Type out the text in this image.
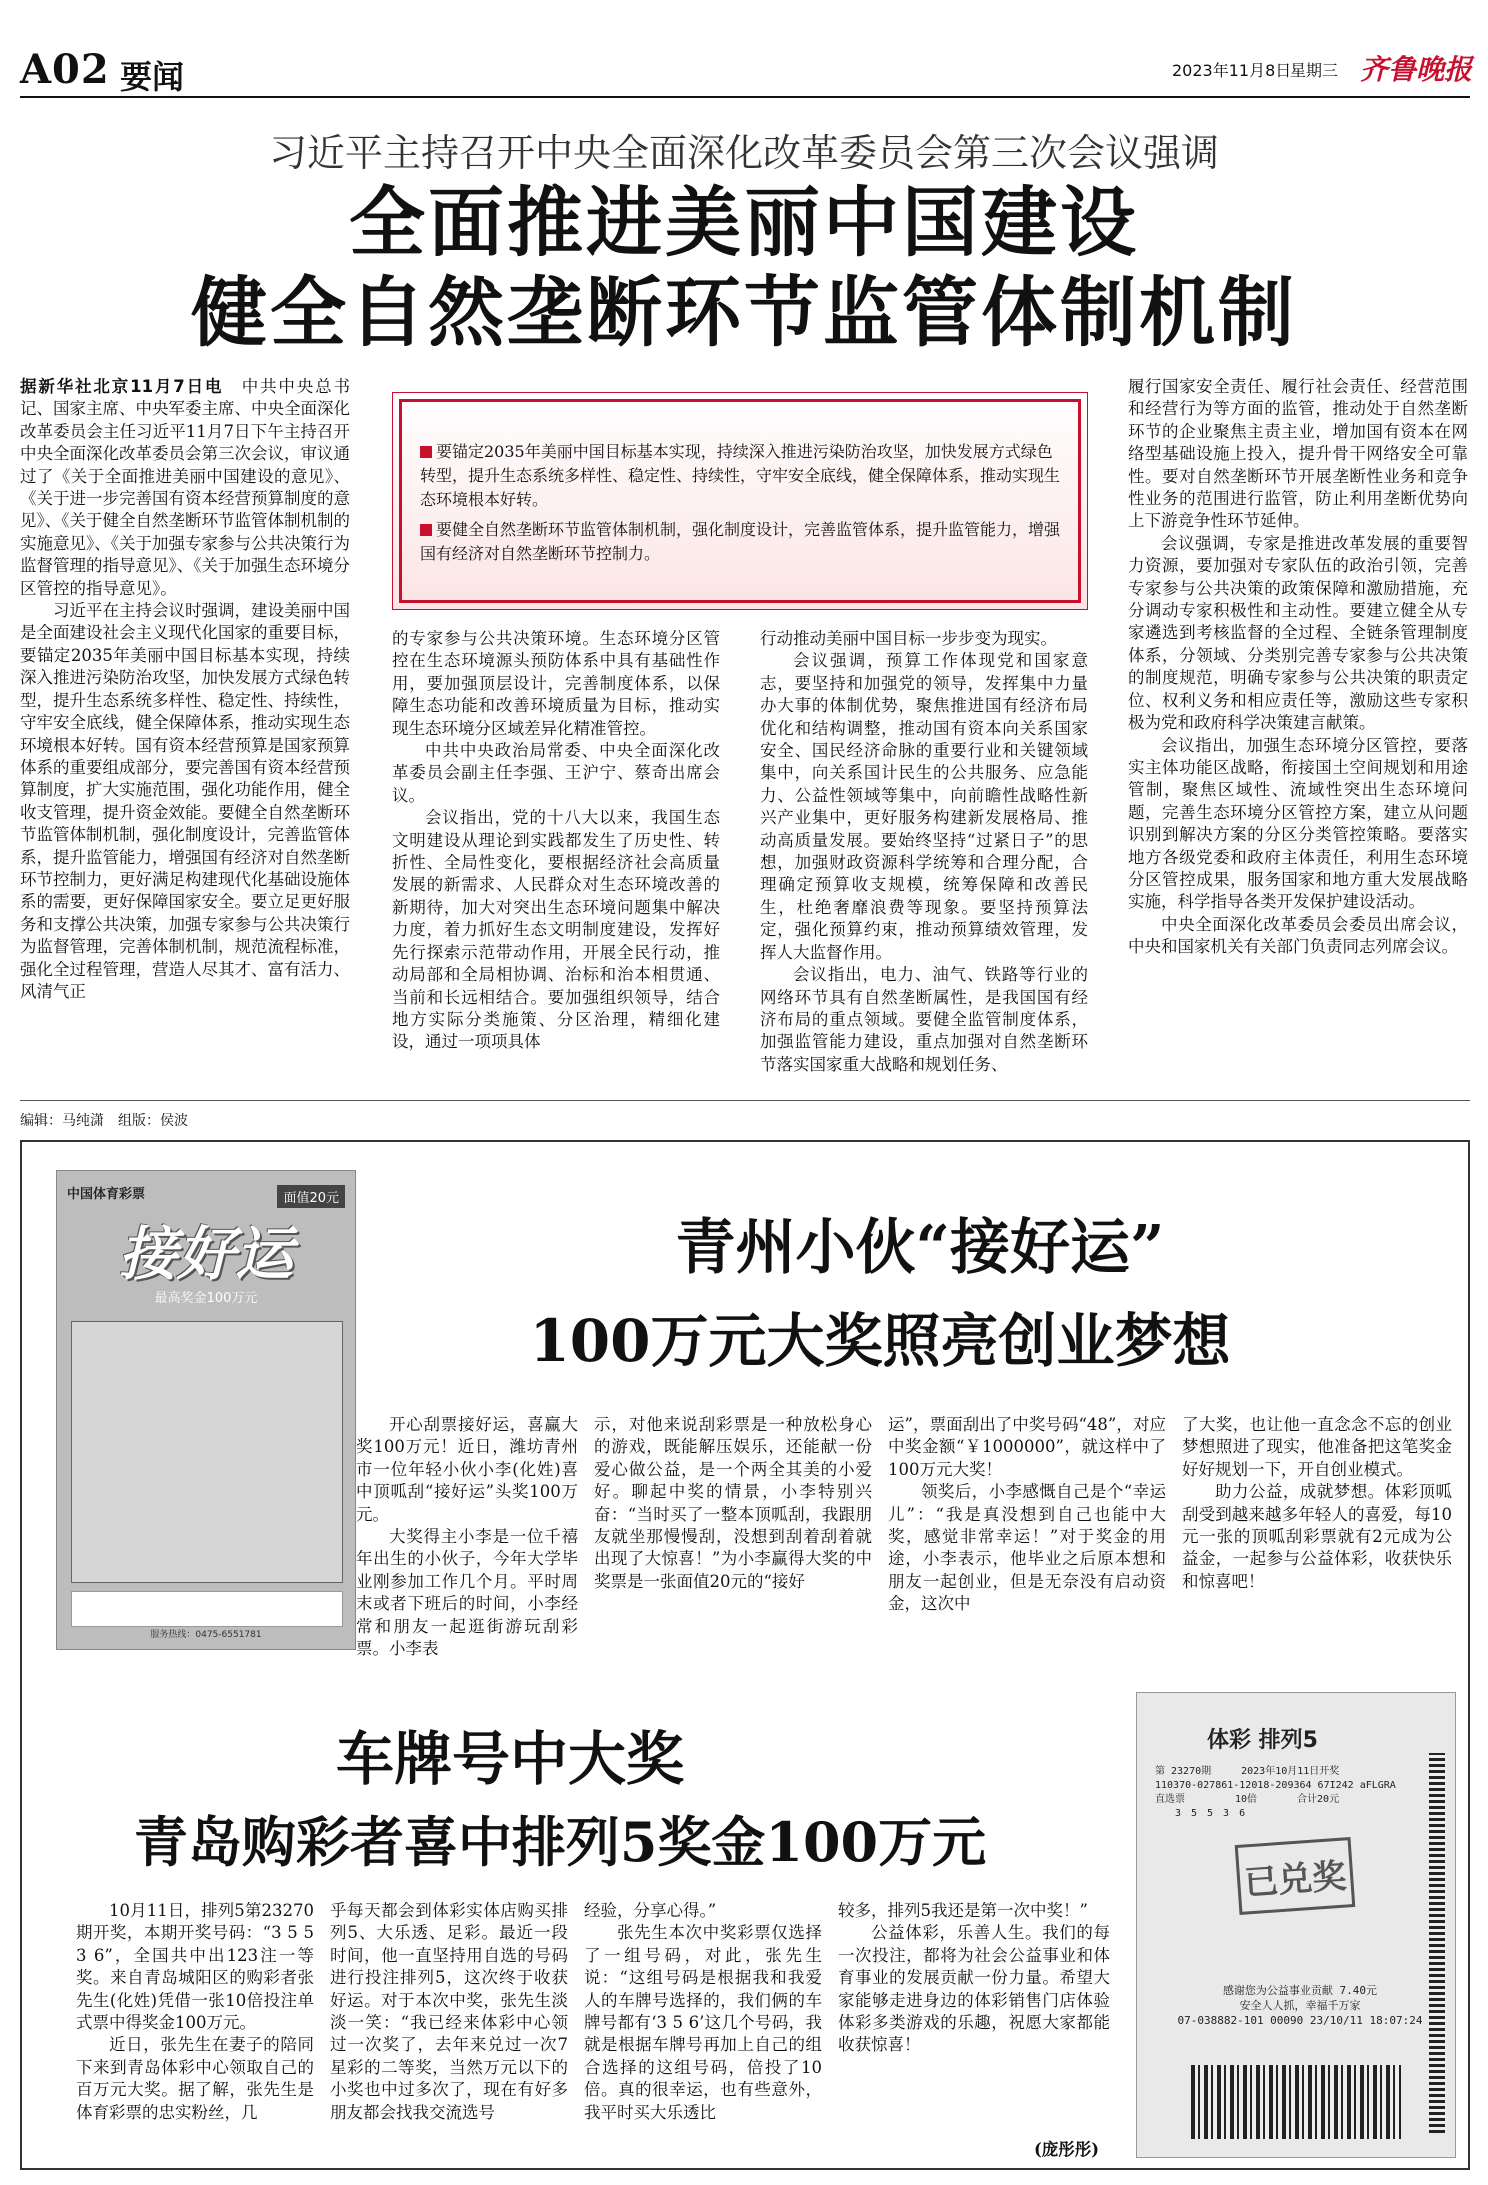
A02 要闻	2023年11月8日
星期三 齐鲁晚报
习近平主持召开中央全面深化改革委员会第三次会议强调
全面推进美丽中国建设
健全自然垄断环节监管体制机制

据新华社北京11月7日电　 中共中央总书记、国家主席、中央军委主席、中央全面深化改革委员会主任习近平11月7日下午主持召开中央全面深化改革委员会第三次会议，审议通过了《关于全面推进美丽中国建设的意见》、《关于进一步完善国有资本经营预算制度的意见》、《关于健全自然垄断环节监管体制机制的实施意见》、《关于加强专家参与公共决策行为监督管理的指导意见》、《关于加强生态环境分区管控的指导意见》。

习近平在主持会议时强调，建设美丽中国是全面建设社会主义现代化国家的重要目标，要锚定2035年美丽中国目标基本实现，持续深入推进污染防治攻坚，加快发展方式绿色转型，提升生态系统多样性、稳定性、持续性，守牢安全底线，健全保障体系，推动实现生态环境根本好转。国有资本经营预算是国家预算体系的重要组成部分，要完善国有资本经营预算制度，扩大实施范围，强化功能作用，健全收支管理，提升资金效能。要健全自然垄断环节监管体制机制，强化制度设计，完善监管体系，提升监管能力，增强国有经济对自然垄断环节控制力，更好满足构建现代化基础设施体系的需要，更好保障国家安全。要立足更好服务和支撑公共决策，加强专家参与公共决策行为监督管理，完善体制机制，规范流程标准，强化全过程管理，营造人尽其才、富有活力、风清气正

要锚定2035年美丽中国目标基本实现，持续深入推进污染防治攻坚，加快发展方式绿色转型，提升生态系统多样性、稳定性、持续性，守牢安全底线，健全保障体系，推动实现生态环境根本好转。

要健全自然垄断环节监管体制机制，强化制度设计，完善监管体系，提升监管能力，增强国有经济对自然垄断环节控制力。

的专家参与公共决策环境。生态环境分区管控在生态环境源头预防体系中具有基础性作用，要加强顶层设计，完善制度体系，以保障生态功能和改善环境质量为目标，推动实现生态环境分区域差异化精准管控。

中共中央政治局常委、中央全面深化改革委员会副主任李强、王沪宁、蔡奇出席会议。

会议指出，党的十八大以来，我国生态文明建设从理论到实践都发生了历史性、转折性、全局性变化，要根据经济社会高质量发展的新需求、人民群众对生态环境改善的新期待，加大对突出生态环境问题集中解决力度，着力抓好生态文明制度建设，发挥好先行探索示范带动作用，开展全民行动，推动局部和全局相协调、治标和治本相贯通、当前和长远相结合。要加强组织领导，结合地方实际分类施策、分区治理，精细化建设，通过一项项具体

行动推动美丽中国目标一步步变为现实。

会议强调，预算工作体现党和国家意志，要坚持和加强党的领导，发挥集中力量办大事的体制优势，聚焦推进国有经济布局优化和结构调整，推动国有资本向关系国家安全、国民经济命脉的重要行业和关键领域集中，向关系国计民生的公共服务、应急能力、公益性领域等集中，向前瞻性战略性新兴产业集中，更好服务构建新发展格局、推动高质量发展。要始终坚持“过紧日子”的思想，加强财政资源科学统筹和合理分配，合理确定预算收支规模，统筹保障和改善民生，杜绝奢靡浪费等现象。要坚持预算法定，强化预算约束，推动预算绩效管理，发挥人大监督作用。

会议指出，电力、油气、铁路等行业的网络环节具有自然垄断属性，是我国国有经济布局的重点领域。要健全监管制度体系，加强监管能力建设，重点加强对自然垄断环节落实国家重大战略和规划任务、

履行国家安全责任、履行社会责任、经营范围和经营行为等方面的监管，推动处于自然垄断环节的企业聚焦主责主业，增加国有资本在网络型基础设施上投入，提升骨干网络安全可靠性。要对自然垄断环节开展垄断性业务和竞争性业务的范围进行监管，防止利用垄断优势向上下游竞争性环节延伸。

会议强调，专家是推进改革发展的重要智力资源，要加强对专家队伍的政治引领，完善专家参与公共决策的政策保障和激励措施，充分调动专家积极性和主动性。要建立健全从专家遴选到考核监督的全过程、全链条管理制度体系，分领域、分类别完善专家参与公共决策的制度规范，明确专家参与公共决策的职责定位、权利义务和相应责任等，激励这些专家积极为党和政府科学决策建言献策。

会议指出，加强生态环境分区管控，要落实主体功能区战略，衔接国土空间规划和用途管制，聚焦区域性、流域性突出生态环境问题，完善生态环境分区管控方案，建立从问题识别到解决方案的分区分类管控策略。要落实地方各级党委和政府主体责任，利用生态环境分区管控成果，服务国家和地方重大发展战略实施，科学指导各类开发保护建设活动。

中央全面深化改革委员会委员出席会议，中央和国家机关有关部门负责同志列席会议。

编辑：马纯潇　组版：侯波
中国体育彩票	面值20元
接好运
最高奖金100万元
服务热线：0475-6551781
青州小伙“接好运”
100万元大奖照亮创业梦想

开心刮票接好运，喜赢大奖100万元！近日，潍坊青州市一位年轻小伙小李(化姓)喜中顶呱刮“接好运”头奖100万元。

大奖得主小李是一位千禧年出生的小伙子，今年大学毕业刚参加工作几个月。平时周末或者下班后的时间，小李经常和朋友一起逛街游玩刮彩票。小李表

示，对他来说刮彩票是一种放松身心的游戏，既能解压娱乐，还能献一份爱心做公益，是一个两全其美的小爱好。聊起中奖的情景，小李特别兴奋：“当时买了一整本顶呱刮，我跟朋友就坐那慢慢刮，没想到刮着刮着就出现了大惊喜！”为小李赢得大奖的中奖票是一张面值20元的“接好

运”，票面刮出了中奖号码“48”，对应中奖金额“￥1000000”，就这样中了100万元大奖！

领奖后，小李感慨自己是个“幸运儿”：“我是真没想到自己也能中大奖，感觉非常幸运！”对于奖金的用途，小李表示，他毕业之后原本想和朋友一起创业，但是无奈没有启动资金，这次中

了大奖，也让他一直念念不忘的创业梦想照进了现实，他准备把这笔奖金好好规划一下，开自创业模式。

助力公益，成就梦想。体彩顶呱刮受到越来越多年轻人的喜爱，每10元一张的顶呱刮彩票就有2元成为公益金，一起参与公益体彩，收获快乐和惊喜吧！

车牌号中大奖
青岛购彩者喜中排列5奖金100万元

10月11日，排列5第23270期开奖，本期开奖号码：“3 5 5 3 6”，全国共中出123注一等奖。来自青岛城阳区的购彩者张先生(化姓)凭借一张10倍投注单式票中得奖金100万元。

近日，张先生在妻子的陪同下来到青岛体彩中心领取自己的百万元大奖。据了解，张先生是体育彩票的忠实粉丝，几

乎每天都会到体彩实体店购买排列5、大乐透、足彩。最近一段时间，他一直坚持用自选的号码进行投注排列5，这次终于收获好运。对于本次中奖，张先生淡淡一笑：“我已经来体彩中心领过一次奖了，去年来兑过一次7星彩的二等奖，当然万元以下的小奖也中过多次了，现在有好多朋友都会找我交流选号

经验，分享心得。”

张先生本次中奖彩票仅选择了一组号码，对此，张先生说：“这组号码是根据我和我爱人的车牌号选择的，我们俩的车牌号都有‘3 5 6’这几个号码，我就是根据车牌号再加上自己的组合选择的这组号码，倍投了10倍。真的很幸运，也有些意外，我平时买大乐透比

较多，排列5我还是第一次中奖！”

公益体彩，乐善人生。我们的每一次投注，都将为社会公益事业和体育事业的发展贡献一份力量。希望大家能够走进身边的体彩销售门店体验体彩多类游戏的乐趣，祝愿大家都能收获惊喜！

(庞彤彤)
体彩 排列5
第 23270期　　　2023年10月11日开奖
110370-027861-12018-209364 67I242 aFLGRA
直选票　　　　　10倍　　　　合计20元
　　3　5　5　3　6
已兑奖
感谢您为公益事业贡献 7.40元
安全人人抓，幸福千万家
07-038882-101 00090 23/10/11 18:07:24
